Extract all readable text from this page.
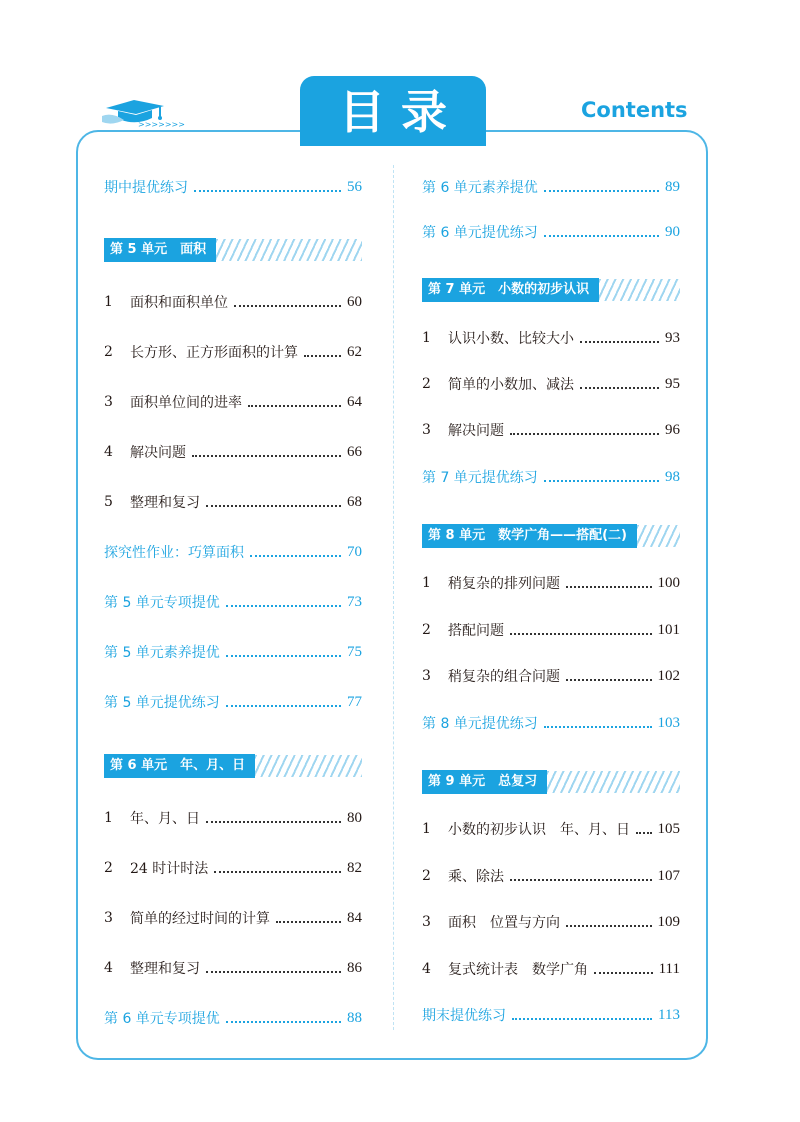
>>>>>>>	目录	Contents
期中提优练习	56
第 5 单元　面积
1	面积和面积单位	60
2	长方形、正方形面积的计算	62
3	面积单位间的进率	64
4	解决问题	66
5	整理和复习	68
探究性作业：巧算面积	70
第 5 单元专项提优	73
第 5 单元素养提优	75
第 5 单元提优练习	77
第 6 单元　年、月、日
1	年、月、日	80
2	24 时计时法	82
3	简单的经过时间的计算	84
4	整理和复习	86
第 6 单元专项提优	88
第 6 单元素养提优	89
第 6 单元提优练习	90
第 7 单元　小数的初步认识
1	认识小数、比较大小	93
2	简单的小数加、减法	95
3	解决问题	96
第 7 单元提优练习	98
第 8 单元　数学广角——搭配(二)
1	稍复杂的排列问题	100
2	搭配问题	101
3	稍复杂的组合问题	102
第 8 单元提优练习	103
第 9 单元　总复习
1	小数的初步认识　年、月、日 105
2	乘、除法	107
3	面积　位置与方向	109
4	复式统计表　数学广角	111
期末提优练习	113
